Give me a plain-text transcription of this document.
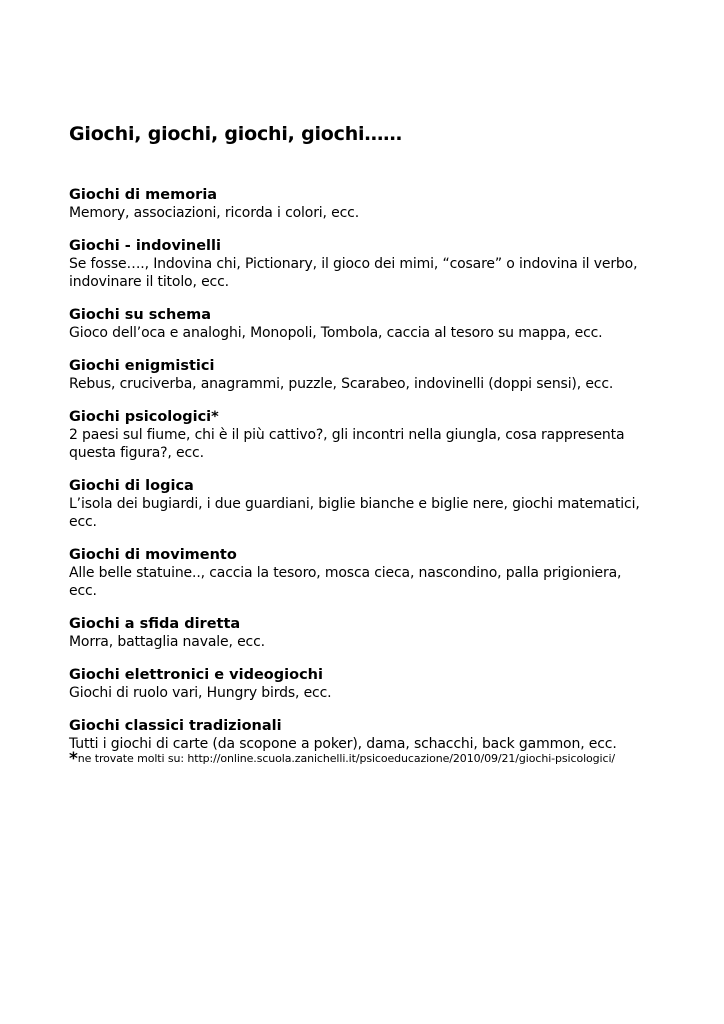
Giochi, giochi, giochi, giochi……

Giochi di memoria

Memory, associazioni, ricorda i colori, ecc.

Giochi - indovinelli

Se fosse…., Indovina chi, Pictionary, il gioco dei mimi, “cosare” o indovina il verbo, indovinare il titolo, ecc.

Giochi su schema

Gioco dell’oca e analoghi, Monopoli, Tombola, caccia al tesoro su mappa, ecc.

Giochi enigmistici

Rebus, cruciverba, anagrammi, puzzle, Scarabeo, indovinelli (doppi sensi), ecc.

Giochi psicologici*

2 paesi sul fiume, chi è il più cattivo?, gli incontri nella giungla, cosa rappresenta questa figura?, ecc.

Giochi di logica

L’isola dei bugiardi, i due guardiani, biglie bianche e biglie nere, giochi matematici, ecc.

Giochi di movimento

Alle belle statuine.., caccia la tesoro, mosca cieca, nascondino, palla prigioniera, ecc.

Giochi a sfida diretta

Morra, battaglia navale, ecc.

Giochi elettronici e videogiochi

Giochi di ruolo vari, Hungry birds, ecc.

Giochi classici tradizionali

Tutti i giochi di carte (da scopone a poker), dama, schacchi, back gammon, ecc.

*ne trovate molti su: http://online.scuola.zanichelli.it/psicoeducazione/2010/09/21/giochi-psicologici/
